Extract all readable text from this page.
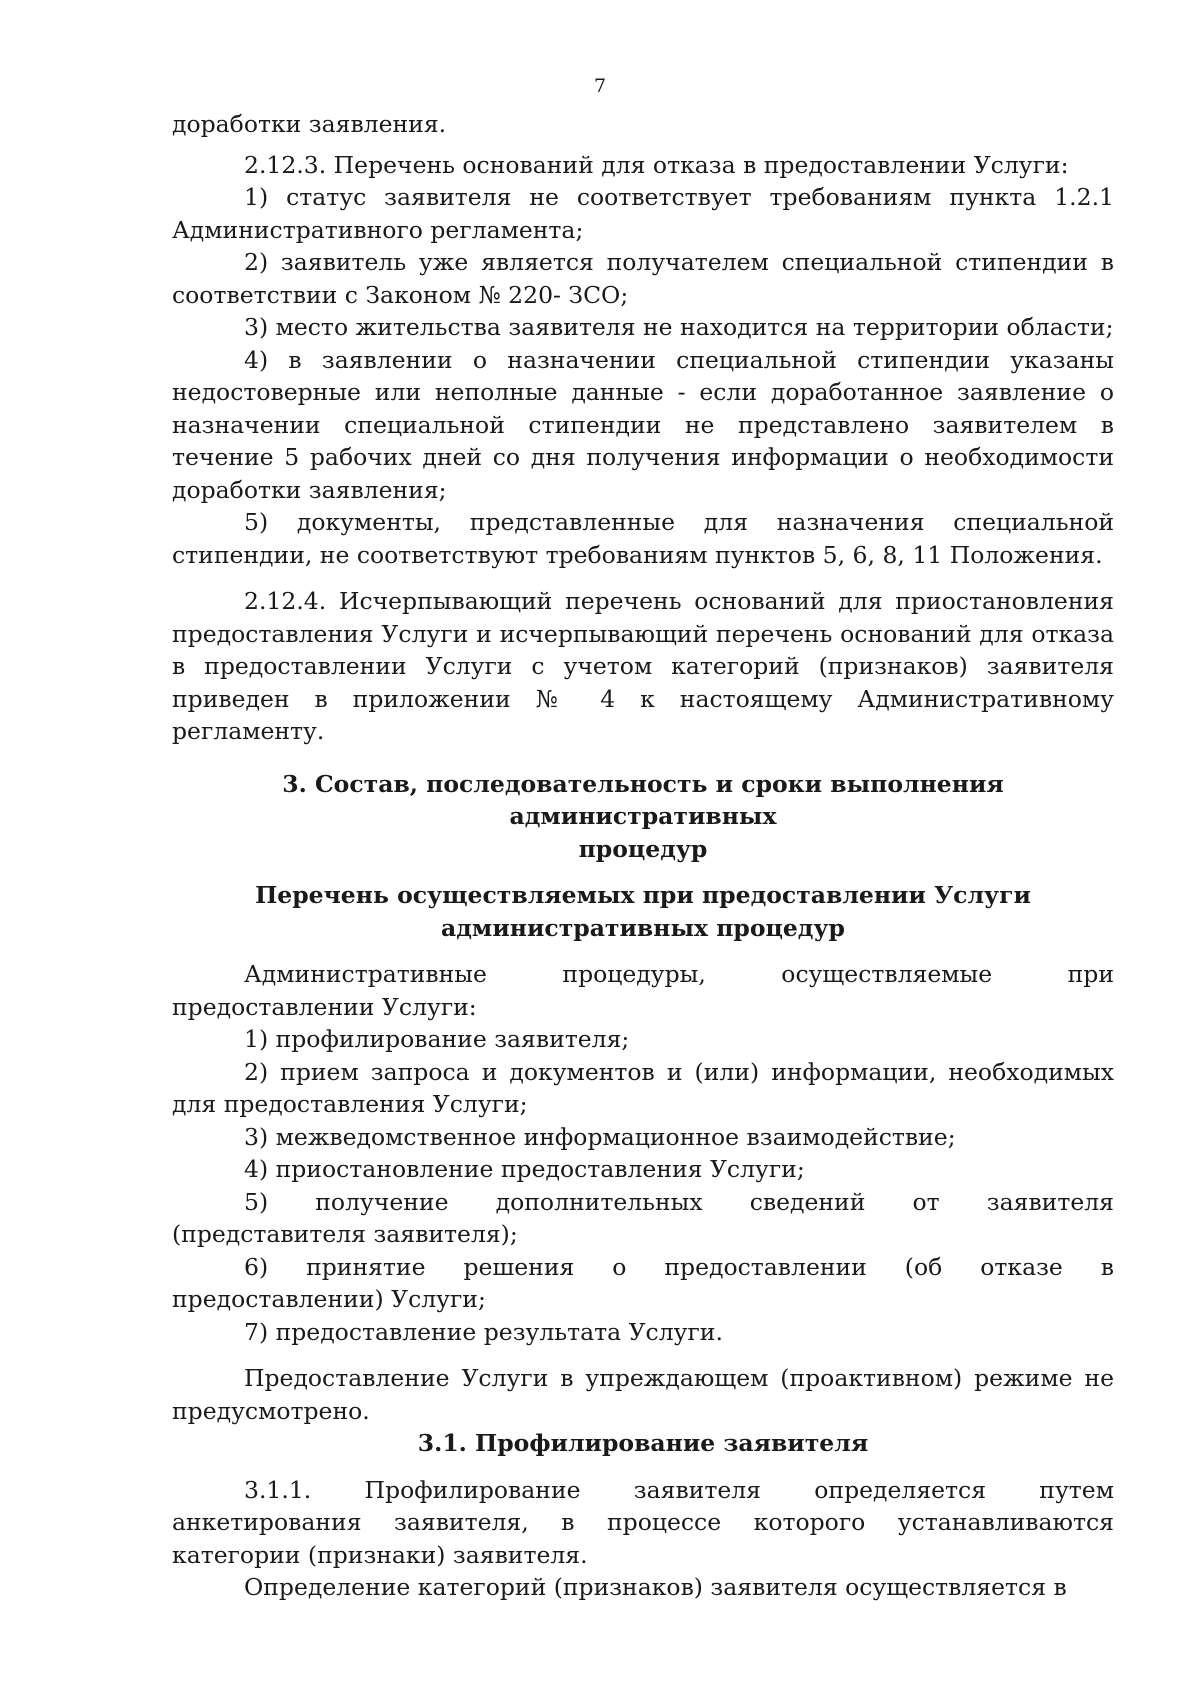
7

доработки заявления.

2.12.3. Перечень оснований для отказа в предоставлении Услуги:

1) статус заявителя не соответствует требованиям пункта 1.2.1 Административного регламента;

2) заявитель уже является получателем специальной стипендии в соответствии с Законом № 220- ЗСО;

3) место жительства заявителя не находится на территории области;

4) в заявлении о назначении специальной стипендии указаны недостоверные или неполные данные - если доработанное заявление о назначении специальной стипендии не представлено заявителем в течение 5 рабочих дней со дня получения информации о необходимости доработки заявления;

5) документы, представленные для назначения специальной стипендии, не соответствуют требованиям пунктов 5, 6, 8, 11 Положения.

2.12.4. Исчерпывающий перечень оснований для приостановления предоставления Услуги и исчерпывающий перечень оснований для отказа в предоставлении Услуги с учетом категорий (признаков) заявителя приведен в приложении № 4 к настоящему Административному регламенту.

3. Состав, последовательность и сроки выполнения административных

процедур

Перечень осуществляемых при предоставлении Услуги

административных процедур

Административные процедуры, осуществляемые при предоставлении Услуги:

1) профилирование заявителя;

2) прием запроса и документов и (или) информации, необходимых для предоставления Услуги;

3) межведомственное информационное взаимодействие;

4) приостановление предоставления Услуги;

5) получение дополнительных сведений от заявителя (представителя заявителя);

6) принятие решения о предоставлении (об отказе в предоставлении) Услуги;

7) предоставление результата Услуги.

Предоставление Услуги в упреждающем (проактивном) режиме не предусмотрено.

3.1. Профилирование заявителя

3.1.1. Профилирование заявителя определяется путем анкетирования заявителя, в процессе которого устанавливаются категории (признаки) заявителя.

Определение категорий (признаков) заявителя осуществляется в
